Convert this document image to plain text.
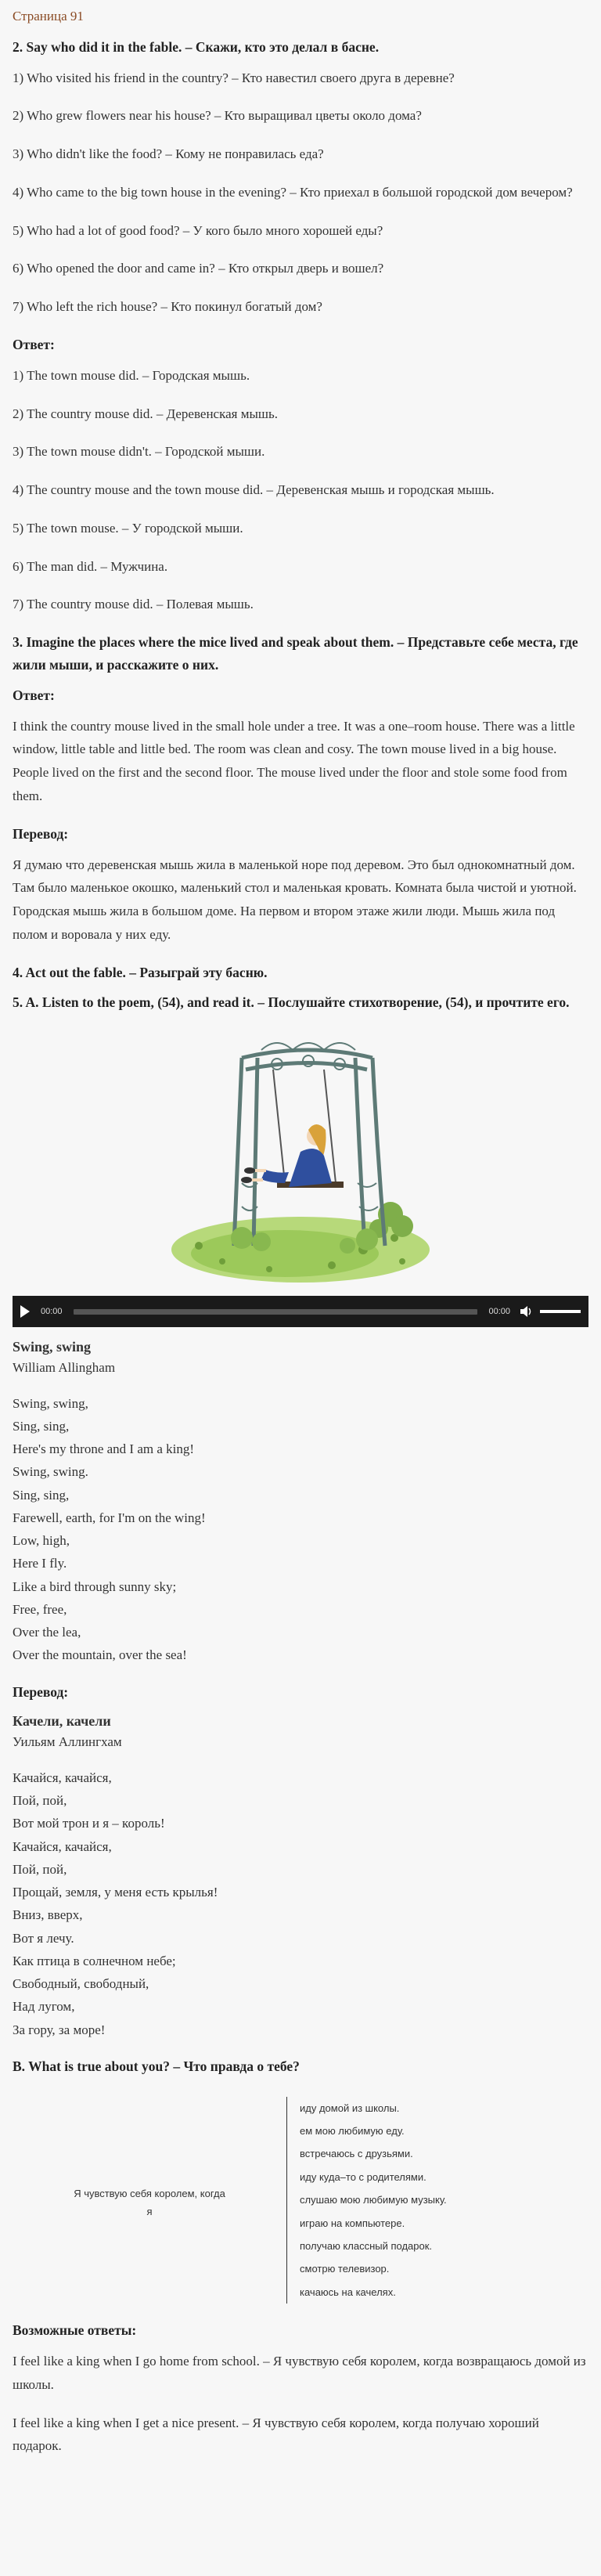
Страница 91
2. Say who did it in the fable. – Скажи, кто это делал в басне.

1) Who visited his friend in the country? – Кто навестил своего друга в деревне?

2) Who grew flowers near his house? – Кто выращивал цветы около дома?

3) Who didn't like the food? – Кому не понравилась еда?

4) Who came to the big town house in the evening? – Кто приехал в большой городской дом вечером?

5) Who had a lot of good food? – У кого было много хорошей еды?

6) Who opened the door and came in? – Кто открыл дверь и вошел?

7) Who left the rich house? – Кто покинул богатый дом?

Ответ:

1) The town mouse did. – Городская мышь.

2) The country mouse did. – Деревенская мышь.

3) The town mouse didn't. – Городской мыши.

4) The country mouse and the town mouse did. – Деревенская мышь и городская мышь.

5) The town mouse. – У городской мыши.

6) The man did. – Мужчина.

7) The country mouse did. – Полевая мышь.

3. Imagine the places where the mice lived and speak about them. – Представьте себе места, где жили мыши, и расскажите о них.
Ответ:

I think the country mouse lived in the small hole under a tree. It was a one–room house. There was a little window, little table and little bed. The room was clean and cosy. The town mouse lived in a big house. People lived on the first and the second floor. The mouse lived under the floor and stole some food from them.

Перевод:

Я думаю что деревенская мышь жила в маленькой норе под деревом. Это был однокомнатный дом. Там было маленькое окошко, маленький стол и маленькая кровать. Комната была чистой и уютной. Городская мышь жила в большом доме. На первом и втором этаже жили люди. Мышь жила под полом и воровала у них еду.

4. Act out the fable. – Разыграй эту басню.
5. A. Listen to the poem, (54), and read it. – Послушайте стихотворение, (54), и прочтите его.
00:00	00:00
Swing, swing
William Allingham
Swing, swing,
Sing, sing,
Here's my throne and I am a king!
Swing, swing.
Sing, sing,
Farewell, earth, for I'm on the wing!
Low, high,
Here I fly.
Like a bird through sunny sky;
Free, free,
Over the lea,
Over the mountain, over the sea!
Перевод:
Качели, качели
Уильям Аллингхам
Качайся, качайся,
Пой, пой,
Вот мой трон и я – король!
Качайся, качайся,
Пой, пой,
Прощай, земля, у меня есть крылья!
Вниз, вверх,
Вот я лечу.
Как птица в солнечном небе;
Свободный, свободный,
Над лугом,
За гору, за море!
B. What is true about you? – Что правда о тебе?
Я чувствую себя королем, когда я
иду домой из школы.
ем мою любимую еду.
встречаюсь с друзьями.
иду куда–то с родителями.
слушаю мою любимую музыку.
играю на компьютере.
получаю классный подарок.
смотрю телевизор.
качаюсь на качелях.
Возможные ответы:

I feel like a king when I go home from school. – Я чувствую себя королем, когда возвращаюсь домой из школы.

I feel like a king when I get a nice present. – Я чувствую себя королем, когда получаю хороший подарок.
